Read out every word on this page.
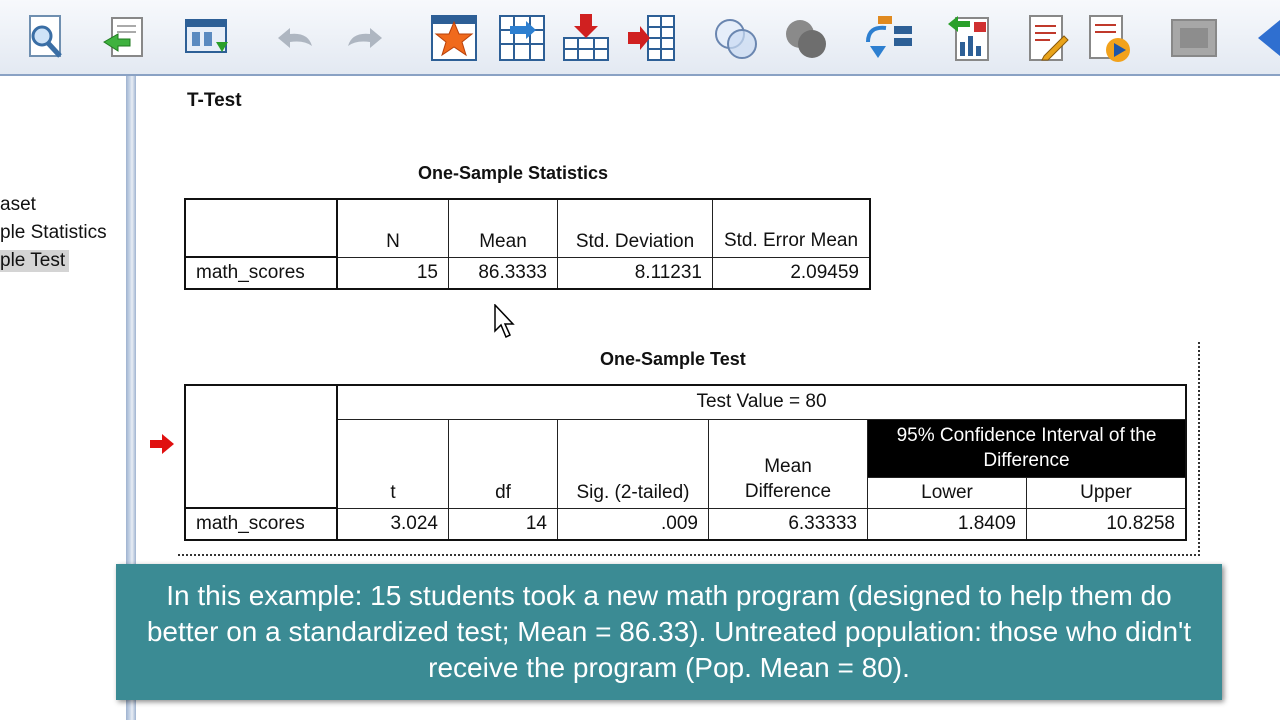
aset
ple Statistics
ple Test
T-Test
One-Sample Statistics
	N	Mean	Std. Deviation	Std. Error Mean
math_scores	15	86.3333	8.11231	2.09459
One-Sample Test
	Test Value = 80					
	t	df	Sig. (2-tailed)	Mean Difference	95% Confidence Interval of the Difference	
					Lower	Upper
math_scores	3.024	14	.009	6.33333	1.8409	10.8258
In this example: 15 students took a new math program (designed to help them do better on a standardized test; Mean = 86.33). Untreated population: those who didn't receive the program (Pop. Mean = 80).
